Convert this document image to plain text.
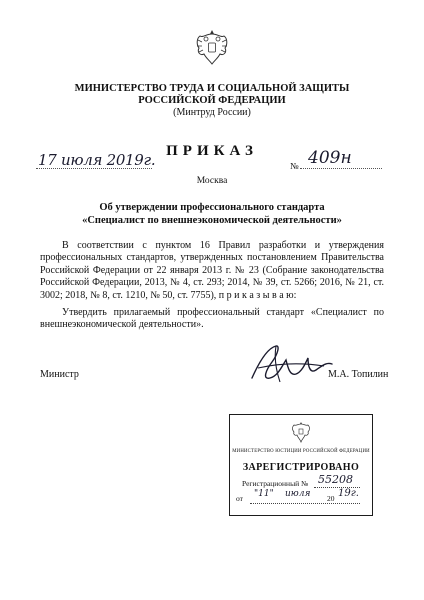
МИНИСТЕРСТВО ТРУДА И СОЦИАЛЬНОЙ ЗАЩИТЫ
РОССИЙСКОЙ ФЕДЕРАЦИИ
(Минтруд России)
17 июля 2019г. ПРИКАЗ
№ 409н
Москва
Об утверждении профессионального стандарта
«Специалист по внешнеэкономической деятельности»

В соответствии с пунктом 16 Правил разработки и утверждения профессиональных стандартов, утвержденных постановлением Правительства Российской Федерации от 22 января 2013 г. № 23 (Собрание законодательства Российской Федерации, 2013, № 4, ст. 293; 2014, № 39, ст. 5266; 2016, № 21, ст. 3002; 2018, № 8, ст. 1210, № 50, ст. 7755), п р и к а з ы в а ю:

Утвердить прилагаемый профессиональный стандарт «Специалист по внешнеэкономической деятельности».

Министр	М.А. Топилин
МИНИСТЕРСТВО ЮСТИЦИИ РОССИЙСКОЙ ФЕДЕРАЦИИ
ЗАРЕГИСТРИРОВАНО
Регистрационный № 55208
от "11" июля 20 19г.
